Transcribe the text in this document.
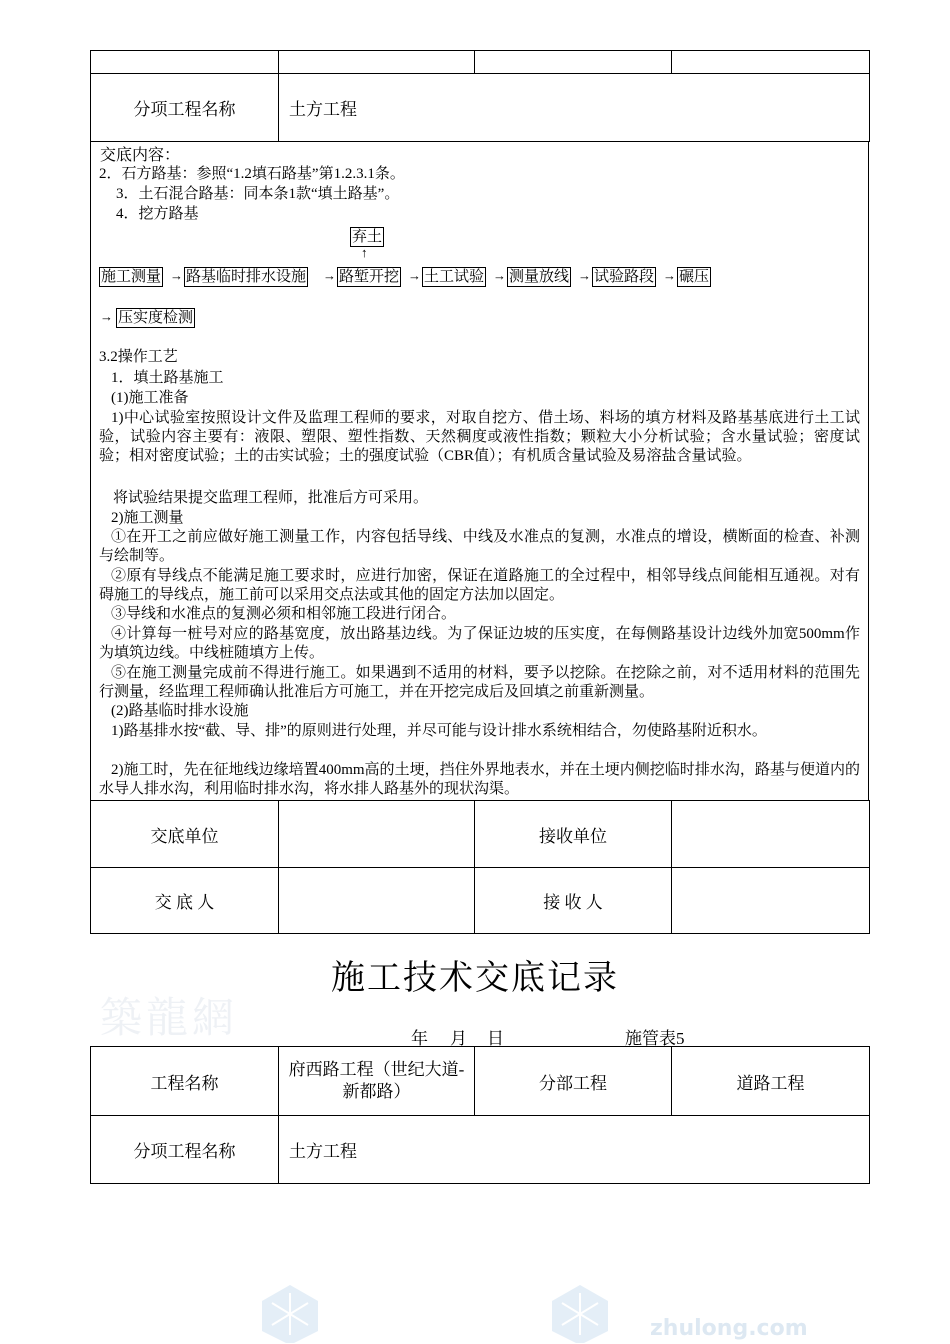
分项工程名称	土方工程		
交底内容：
2．石方路基：参照“1.2填石路基”第1.2.3.1条。
3．土石混合路基：同本条1款“填土路基”。
4．挖方路基
弃土
↑
施工测量 → 路基临时排水设施 → 路堑开挖 → 土工试验 → 测量放线 → 试验路段 → 碾压
→ 压实度检测
3.2操作工艺
1．填土路基施工
(1)施工准备
1)中心试验室按照设计文件及监理工程师的要求，对取自挖方、借土场、料场的填方材料及路基基底进行土工试验，试验内容主要有：液限、塑限、塑性指数、天然稠度或液性指数；颗粒大小分析试验；含水量试验；密度试验；相对密度试验；土的击实试验；土的强度试验（CBR值）；有机质含量试验及易溶盐含量试验。
将试验结果提交监理工程师，批准后方可采用。
2)施工测量
①在开工之前应做好施工测量工作，内容包括导线、中线及水准点的复测，水准点的增设，横断面的检查、补测与绘制等。
②原有导线点不能满足施工要求时，应进行加密，保证在道路施工的全过程中，相邻导线点间能相互通视。对有碍施工的导线点，施工前可以采用交点法或其他的固定方法加以固定。
③导线和水准点的复测必须和相邻施工段进行闭合。
④计算每一桩号对应的路基宽度，放出路基边线。为了保证边坡的压实度，在每侧路基设计边线外加宽500mm作为填筑边线。中线桩随填方上传。
⑤在施工测量完成前不得进行施工。如果遇到不适用的材料，要予以挖除。在挖除之前，对不适用材料的范围先行测量，经监理工程师确认批准后方可施工，并在开挖完成后及回填之前重新测量。
(2)路基临时排水设施
1)路基排水按“截、导、排”的原则进行处理，并尽可能与设计排水系统相结合，勿使路基附近积水。
2)施工时，先在征地线边缘培置400mm高的土埂，挡住外界地表水，并在土埂内侧挖临时排水沟，路基与便道内的水导人排水沟，利用临时排水沟，将水排人路基外的现状沟渠。
交底单位		接收单位	
交 底 人		接 收 人	
築龍網
施工技术交底记录
年 月 日	施管表5
工程名称	府西路工程（世纪大道-新都路）	分部工程	道路工程
分项工程名称	土方工程		
zhulong.com
